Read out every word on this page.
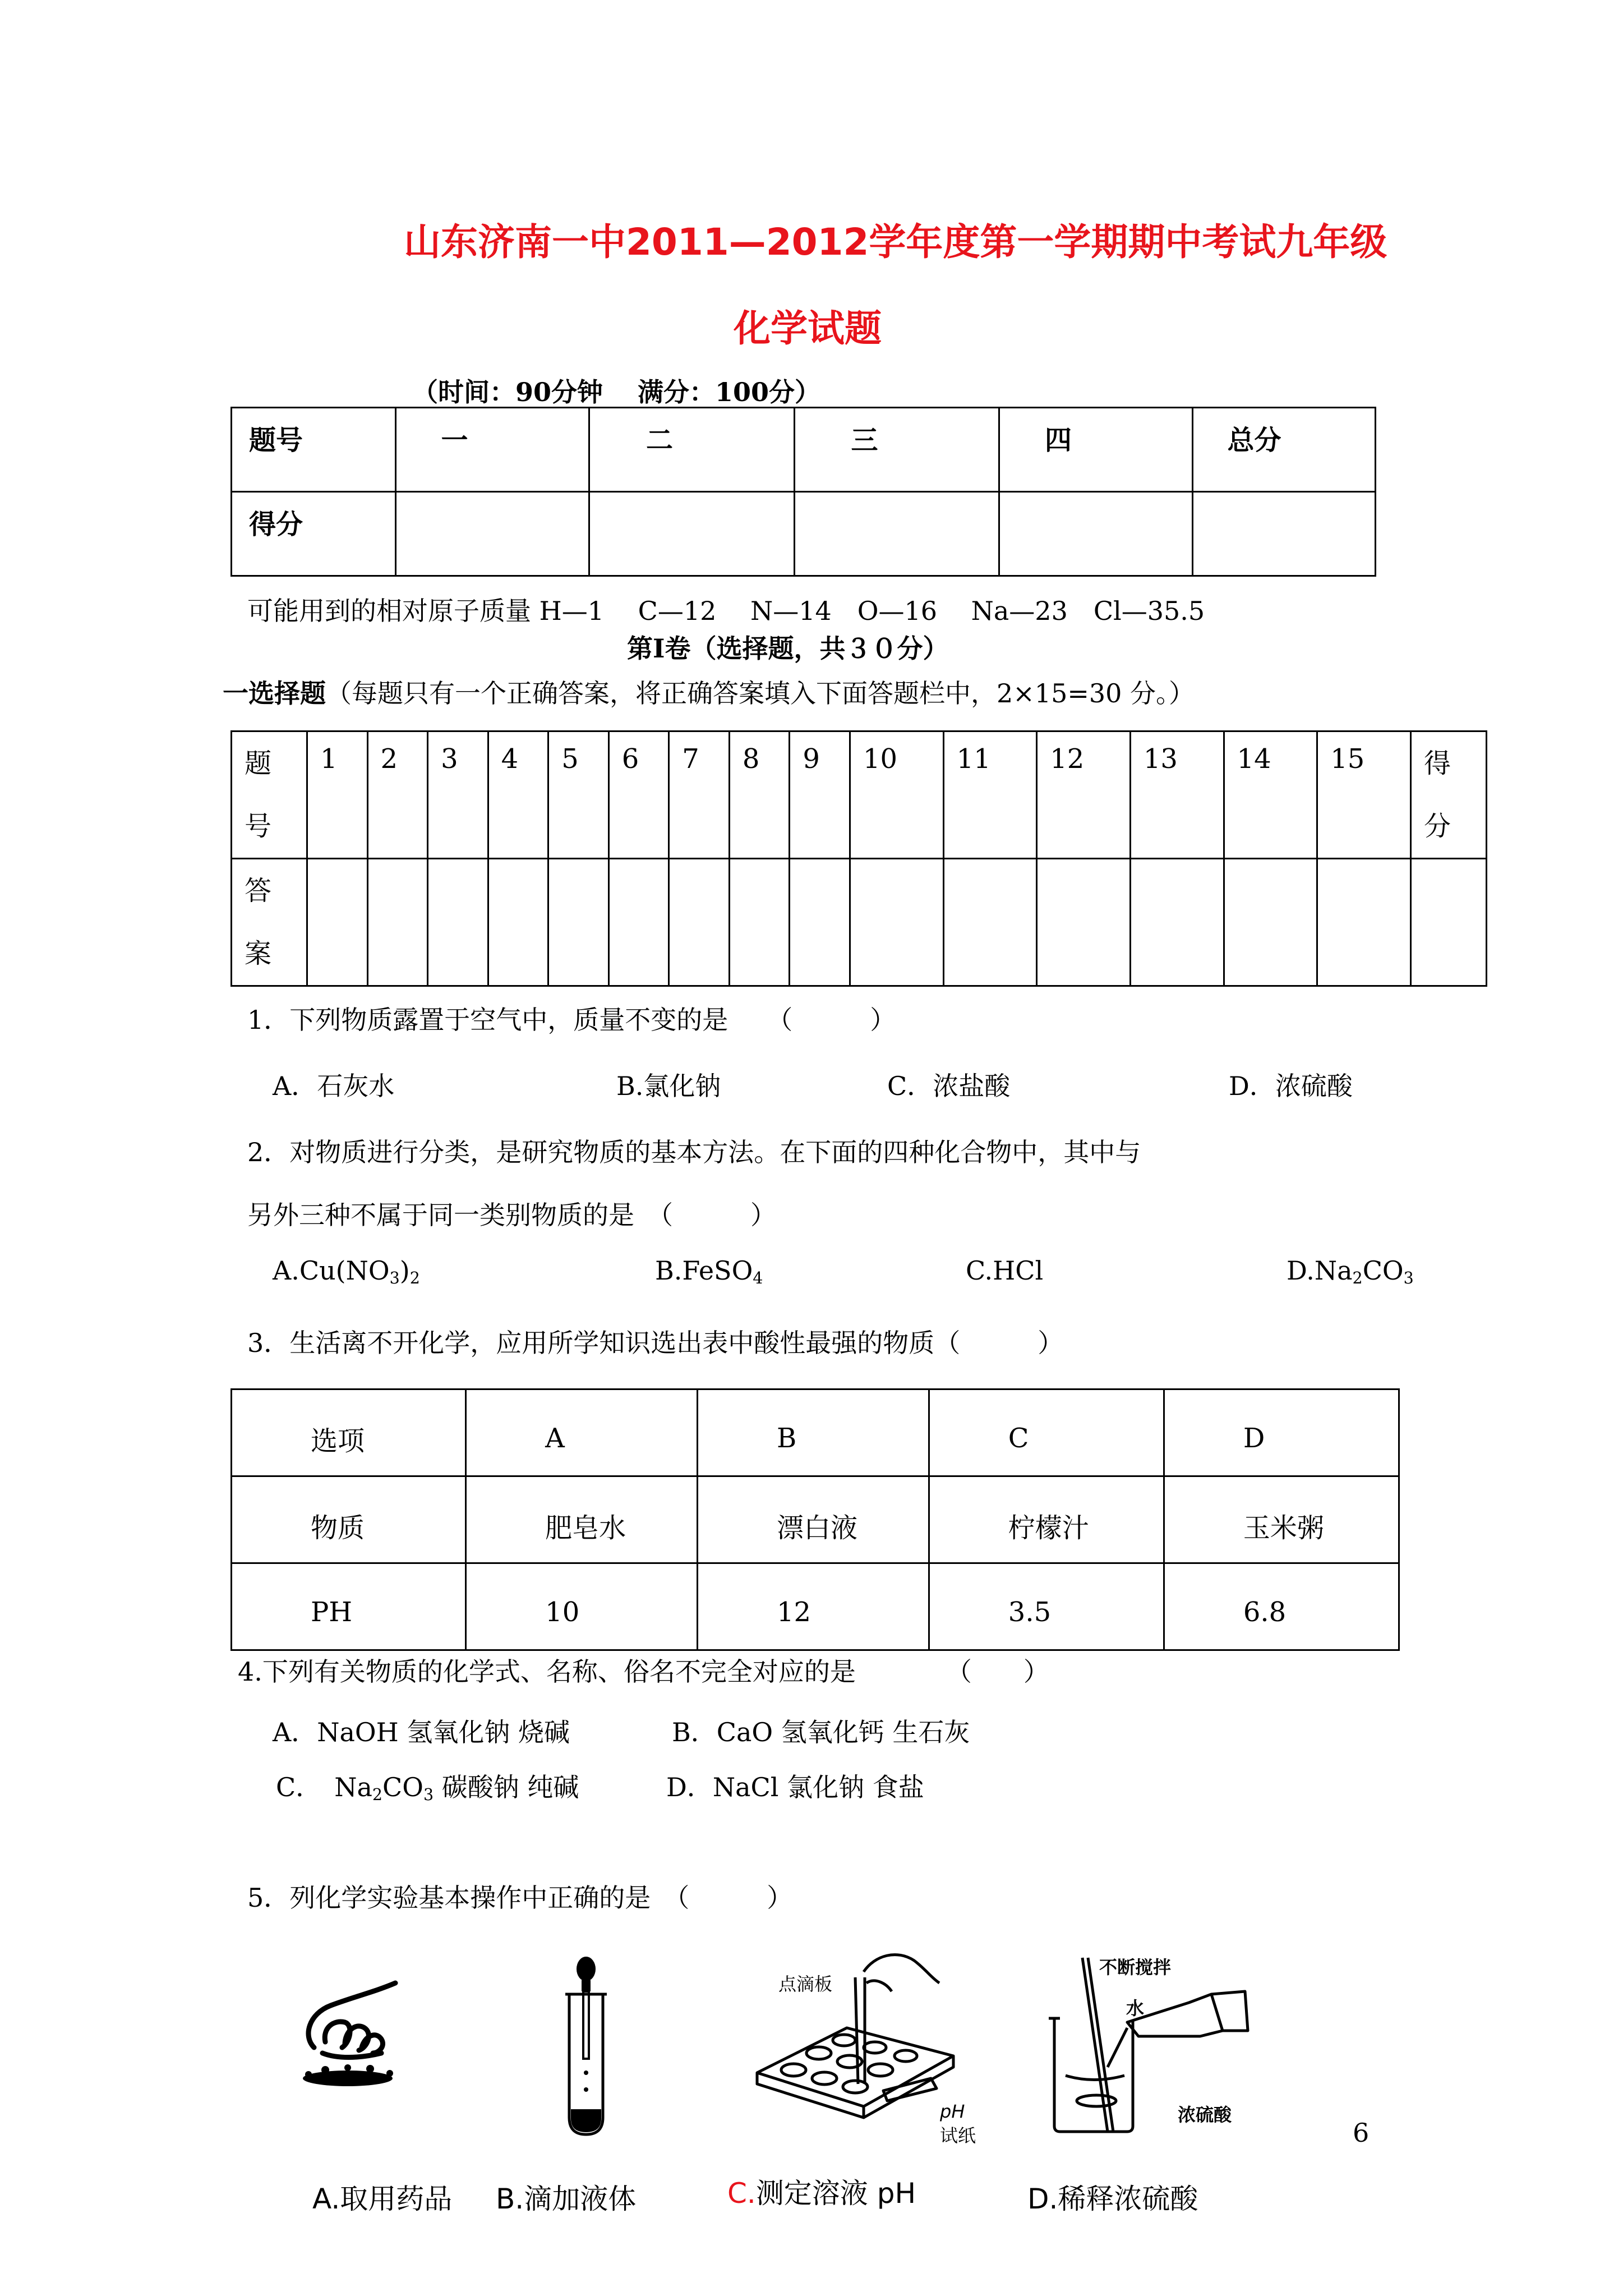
山东济南一中2011—2012学年度第一学期期中考试九年级
化学试题
（时间：90分钟　 满分：100分）
题号	一	二	三	四	总分
得分					
可能用到的相对原子质量 H—1　 C—12　 N—14　O—16　 Na—23　Cl—35.5
第Ⅰ卷（选择题，共３０分）
一选择题（每题只有一个正确答案，将正确答案填入下面答题栏中，2×15=30 分。）
题
号	1	2	3	4	5	6	7	8	9	10	11	12	13	14	15	得
分
答
案																
1．下列物质露置于空气中，质量不变的是　　（　　　）
A．石灰水	B.氯化钠	C．浓盐酸	D．浓硫酸
2．对物质进行分类，是研究物质的基本方法。在下面的四种化合物中，其中与
另外三种不属于同一类别物质的是　（　　　）
$A.Cu(NO_3)_2$	B.FeSO$_4$	C.HCl	$D.Na_2CO_3$
3．生活离不开化学，应用所学知识选出表中酸性最强的物质（　　　）
选项	A	B	C	D
物质	肥皂水	漂白液	柠檬汁	玉米粥
PH	10	12	3.5	6.8
4.下列有关物质的化学式、名称、俗名不完全对应的是　　　　（　　）
A．NaOH 氢氧化钠 烧碱	B．CaO 氢氧化钙 生石灰
C．　$Na_2CO_3$ 碳酸钠 纯碱	D．NaCl 氯化钠 食盐
5．列化学实验基本操作中正确的是　（　　　）
点滴板
pH
试纸
不断搅拌
水
浓硫酸
A.取用药品 B.滴加液体	C.测定溶液 pH	D.稀释浓硫酸
6
